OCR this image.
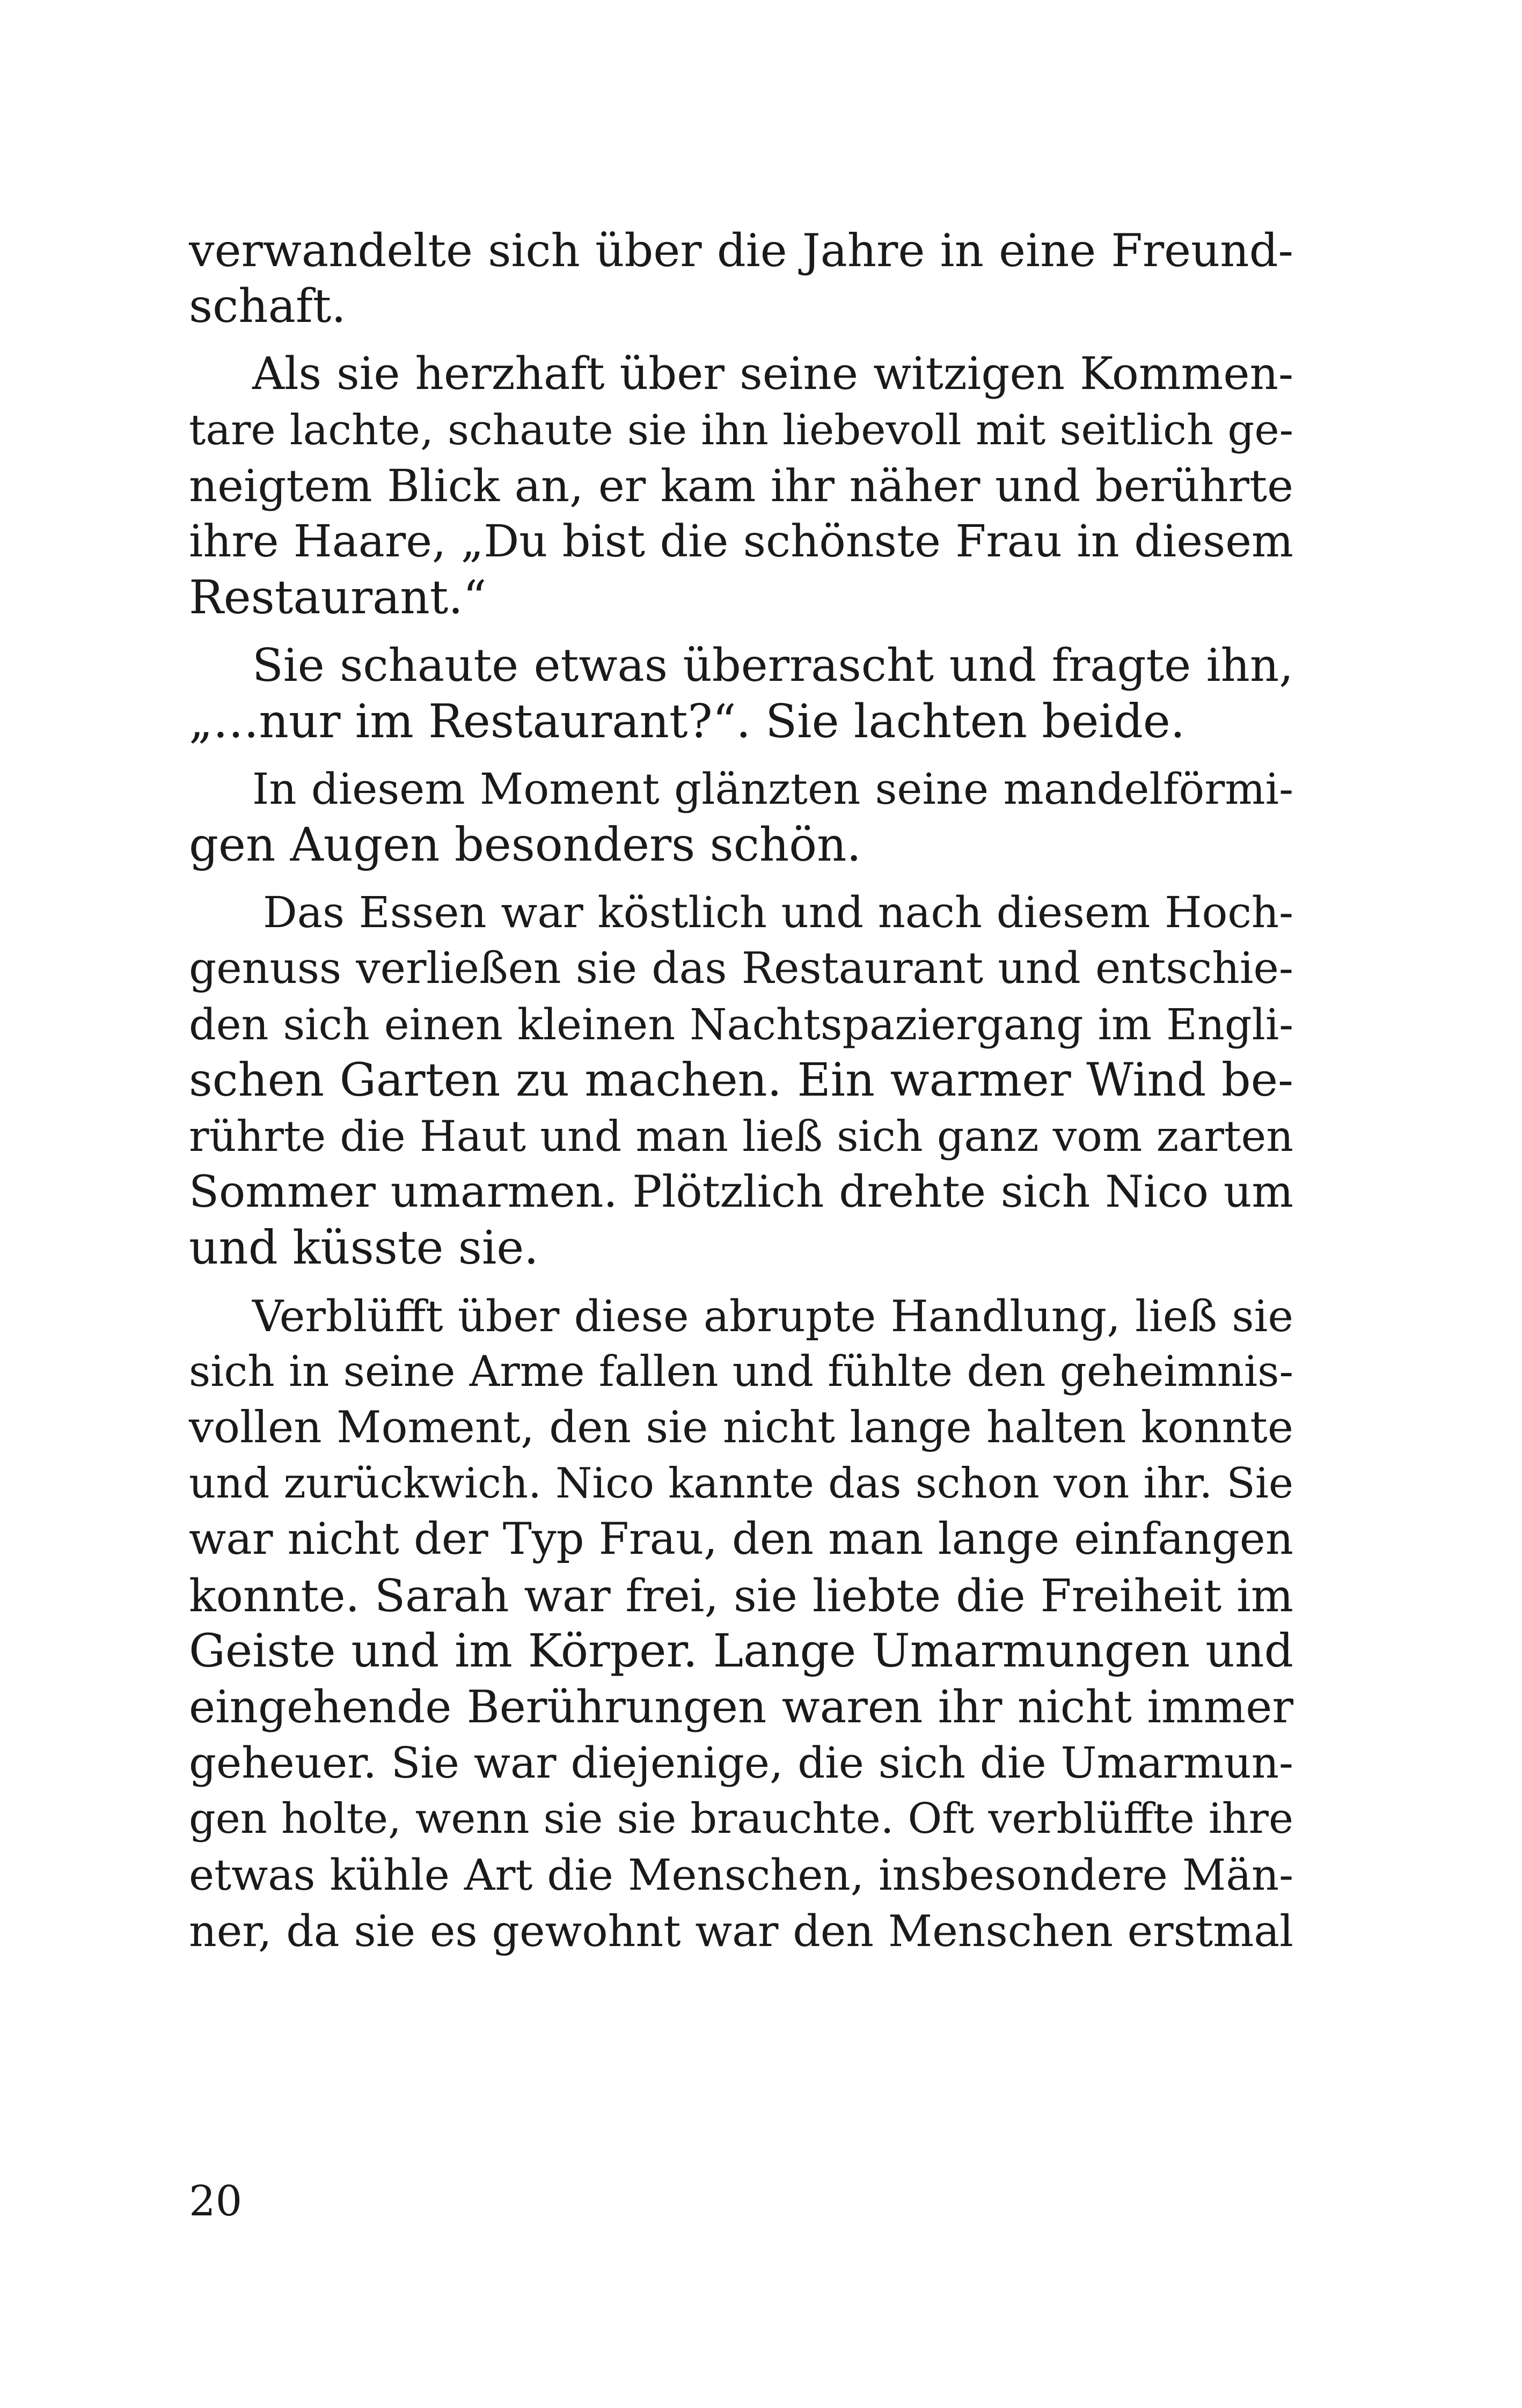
verwandelte sich über die Jahre in eine Freund-
schaft.

Als sie herzhaft über seine witzigen Kommen-
tare lachte, schaute sie ihn liebevoll mit seitlich ge-
neigtem Blick an, er kam ihr näher und berührte
ihre Haare, „Du bist die schönste Frau in diesem
Restaurant.“

Sie schaute etwas überrascht und fragte ihn,
„…nur im Restaurant?“. Sie lachten beide.

In diesem Moment glänzten seine mandelförmi-
gen Augen besonders schön.

Das Essen war köstlich und nach diesem Hoch-
genuss verließen sie das Restaurant und entschie-
den sich einen kleinen Nachtspaziergang im Engli-
schen Garten zu machen. Ein warmer Wind be-
rührte die Haut und man ließ sich ganz vom zarten
Sommer umarmen. Plötzlich drehte sich Nico um
und küsste sie.

Verblüfft über diese abrupte Handlung, ließ sie
sich in seine Arme fallen und fühlte den geheimnis-
vollen Moment, den sie nicht lange halten konnte
und zurückwich. Nico kannte das schon von ihr. Sie
war nicht der Typ Frau, den man lange einfangen
konnte. Sarah war frei, sie liebte die Freiheit im
Geiste und im Körper. Lange Umarmungen und
eingehende Berührungen waren ihr nicht immer
geheuer. Sie war diejenige, die sich die Umarmun-
gen holte, wenn sie sie brauchte. Oft verblüffte ihre
etwas kühle Art die Menschen, insbesondere Män-
ner, da sie es gewohnt war den Menschen erstmal

20
